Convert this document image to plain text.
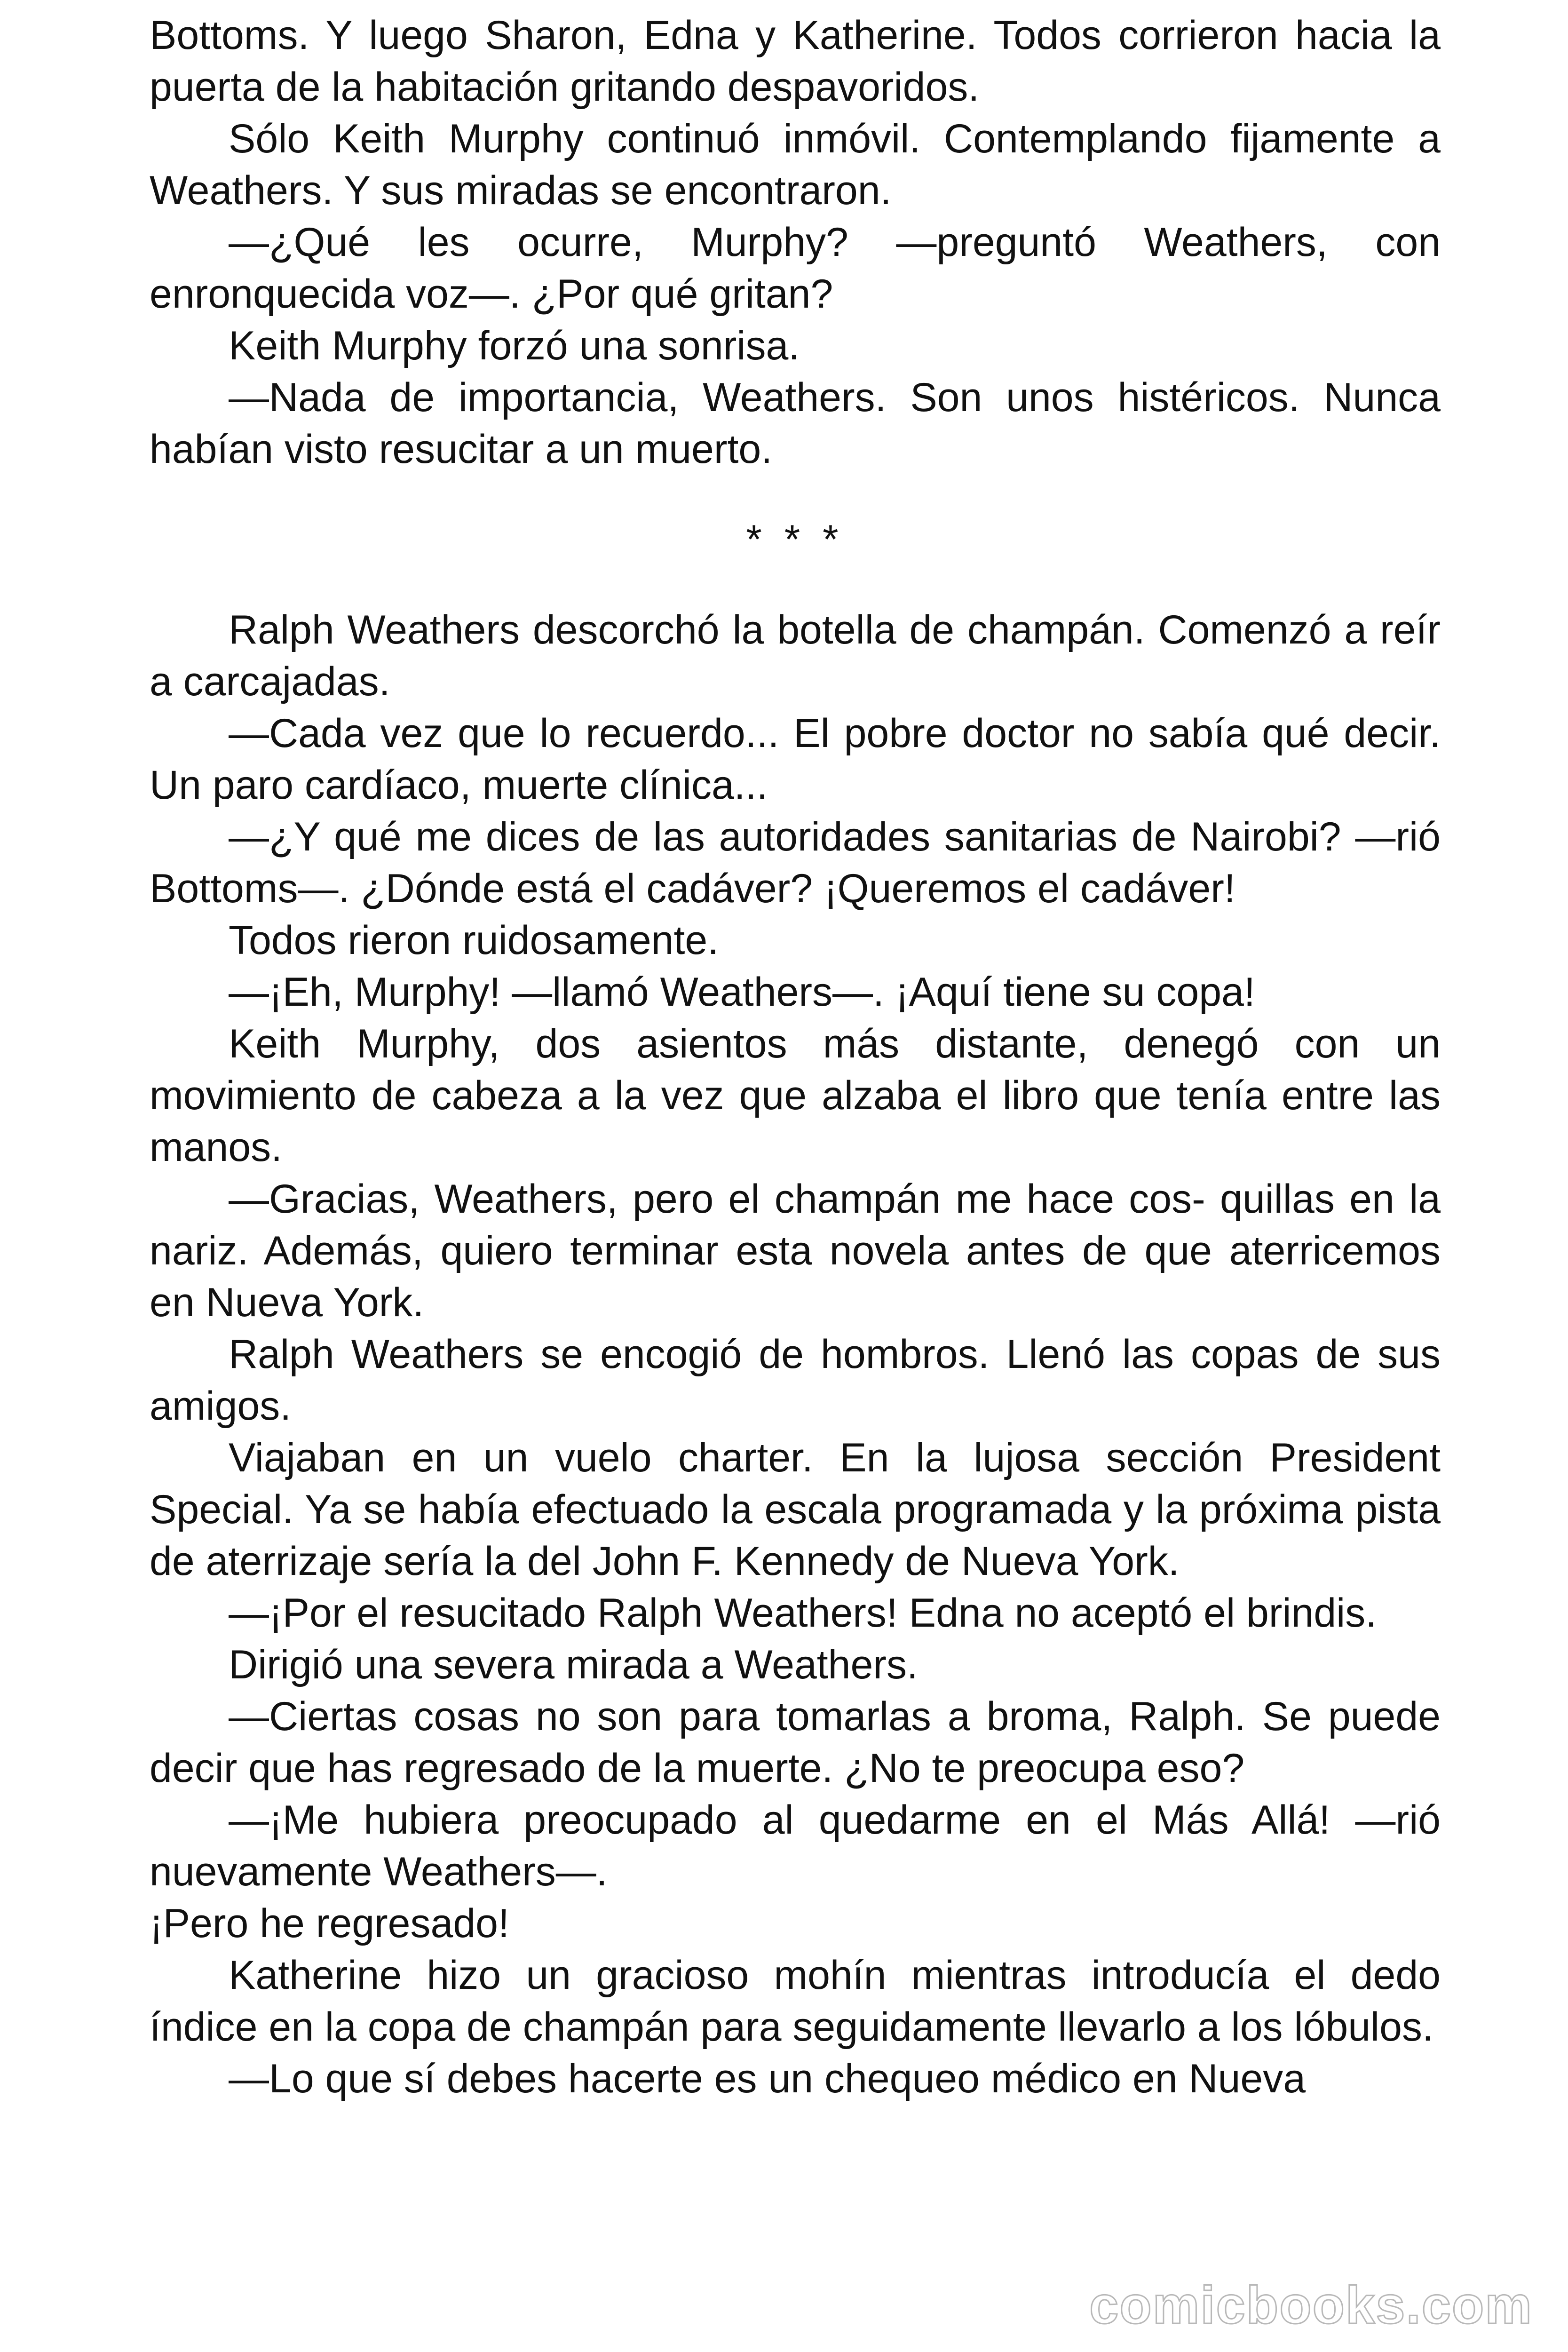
Bottoms. Y luego Sharon, Edna y Katherine. Todos corrieron hacia la puerta de la habitación gritando despavoridos.

Sólo Keith Murphy continuó inmóvil. Contemplando fijamente a Weathers. Y sus miradas se encontraron.

—¿Qué les ocurre, Murphy? —preguntó Weathers, con enronquecida voz—. ¿Por qué gritan?

Keith Murphy forzó una sonrisa.

—Nada de importancia, Weathers. Son unos histéricos. Nunca habían visto resucitar a un muerto.

* * *

Ralph Weathers descorchó la botella de champán. Comenzó a reír a carcajadas.

—Cada vez que lo recuerdo... El pobre doctor no sabía qué decir. Un paro cardíaco, muerte clínica...

—¿Y qué me dices de las autoridades sanitarias de Nairobi? —rió Bottoms—. ¿Dónde está el cadáver? ¡Queremos el cadáver!

Todos rieron ruidosamente.

—¡Eh, Murphy! —llamó Weathers—. ¡Aquí tiene su copa!

Keith Murphy, dos asientos más distante, denegó con un movimiento de cabeza a la vez que alzaba el libro que tenía entre las manos.

—Gracias, Weathers, pero el champán me hace cos- quillas en la nariz. Además, quiero terminar esta novela antes de que aterricemos en Nueva York.

Ralph Weathers se encogió de hombros. Llenó las copas de sus amigos.

Viajaban en un vuelo charter. En la lujosa sección President Special. Ya se había efectuado la escala programada y la próxima pista de aterrizaje sería la del John F. Kennedy de Nueva York.

—¡Por el resucitado Ralph Weathers! Edna no aceptó el brindis.

Dirigió una severa mirada a Weathers.

—Ciertas cosas no son para tomarlas a broma, Ralph. Se puede decir que has regresado de la muerte. ¿No te preocupa eso?

—¡Me hubiera preocupado al quedarme en el Más Allá! —rió nuevamente Weathers—.

¡Pero he regresado!

Katherine hizo un gracioso mohín mientras introducía el dedo índice en la copa de champán para seguidamente llevarlo a los lóbulos.

—Lo que sí debes hacerte es un chequeo médico en Nueva

comicbooks.com
